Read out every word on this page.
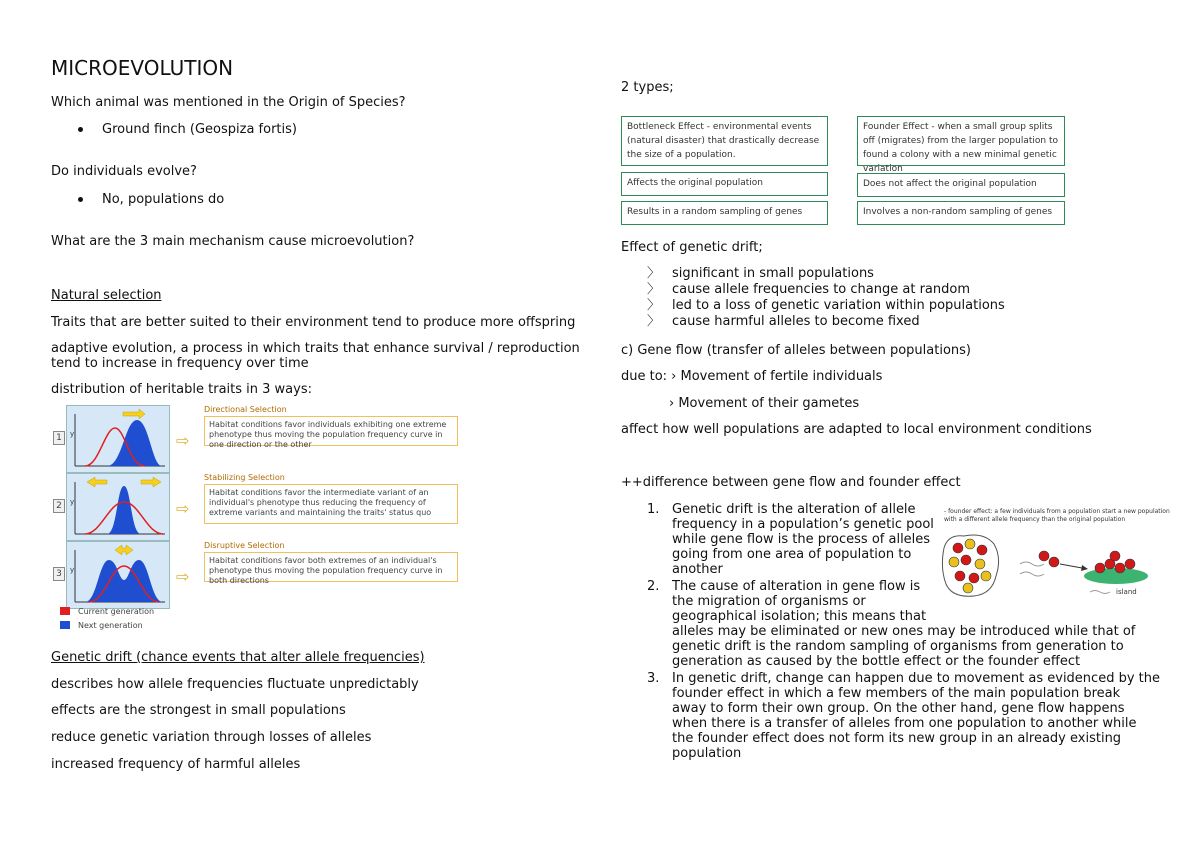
MICROEVOLUTION
Which animal was mentioned in the Origin of Species?
Ground finch (Geospiza fortis)
Do individuals evolve?
No, populations do
What are the 3 main mechanism cause microevolution?
Natural selection
Traits that are better suited to their environment tend to produce more offspring
adaptive evolution, a process in which traits that enhance survival / reproduction
tend to increase in frequency over time
distribution of heritable traits in 3 ways:
1	y	⇨
Directional Selection
Habitat conditions favor individuals exhibiting one extreme phenotype thus moving the population frequency curve in one direction or the other
2	y	⇨
Stabilizing Selection
Habitat conditions favor the intermediate variant of an individual's phenotype thus reducing the frequency of extreme variants and maintaining the traits' status quo
3	y	⇨
Disruptive Selection
Habitat conditions favor both extremes of an individual's phenotype thus moving the population frequency curve in both directions
Current generation
Next generation
Genetic drift (chance events that alter allele frequencies)
describes how allele frequencies fluctuate unpredictably
effects are the strongest in small populations
reduce genetic variation through losses of alleles
increased frequency of harmful alleles
2 types;
Bottleneck Effect - environmental events (natural disaster) that drastically decrease the size of a population.
Founder Effect - when a small group splits off (migrates) from the larger population to found a colony with a new minimal genetic variation
Affects the original population	Does not affect the original population
Results in a random sampling of genes	Involves a non-random sampling of genes
Effect of genetic drift;
〉 significant in small populations
〉 cause allele frequencies to change at random
〉 led to a loss of genetic variation within populations
〉 cause harmful alleles to become fixed
c) Gene flow (transfer of alleles between populations)
due to: › Movement of fertile individuals
› Movement of their gametes
affect how well populations are adapted to local environment conditions
++difference between gene flow and founder effect
1. Genetic drift is the alteration of allele
frequency in a population’s genetic pool
while gene flow is the process of alleles
going from one area of population to
another
2. The cause of alteration in gene flow is
the migration of organisms or
geographical isolation; this means that
alleles may be eliminated or new ones may be introduced while that of
genetic drift is the random sampling of organisms from generation to
generation as caused by the bottle effect or the founder effect
3. In genetic drift, change can happen due to movement as evidenced by the
founder effect in which a few members of the main population break
away to form their own group. On the other hand, gene flow happens
when there is a transfer of alleles from one population to another while
the founder effect does not form its new group in an already existing
population
- founder effect: a few individuals from a population start a new population
with a different allele frequency than the original population
island
